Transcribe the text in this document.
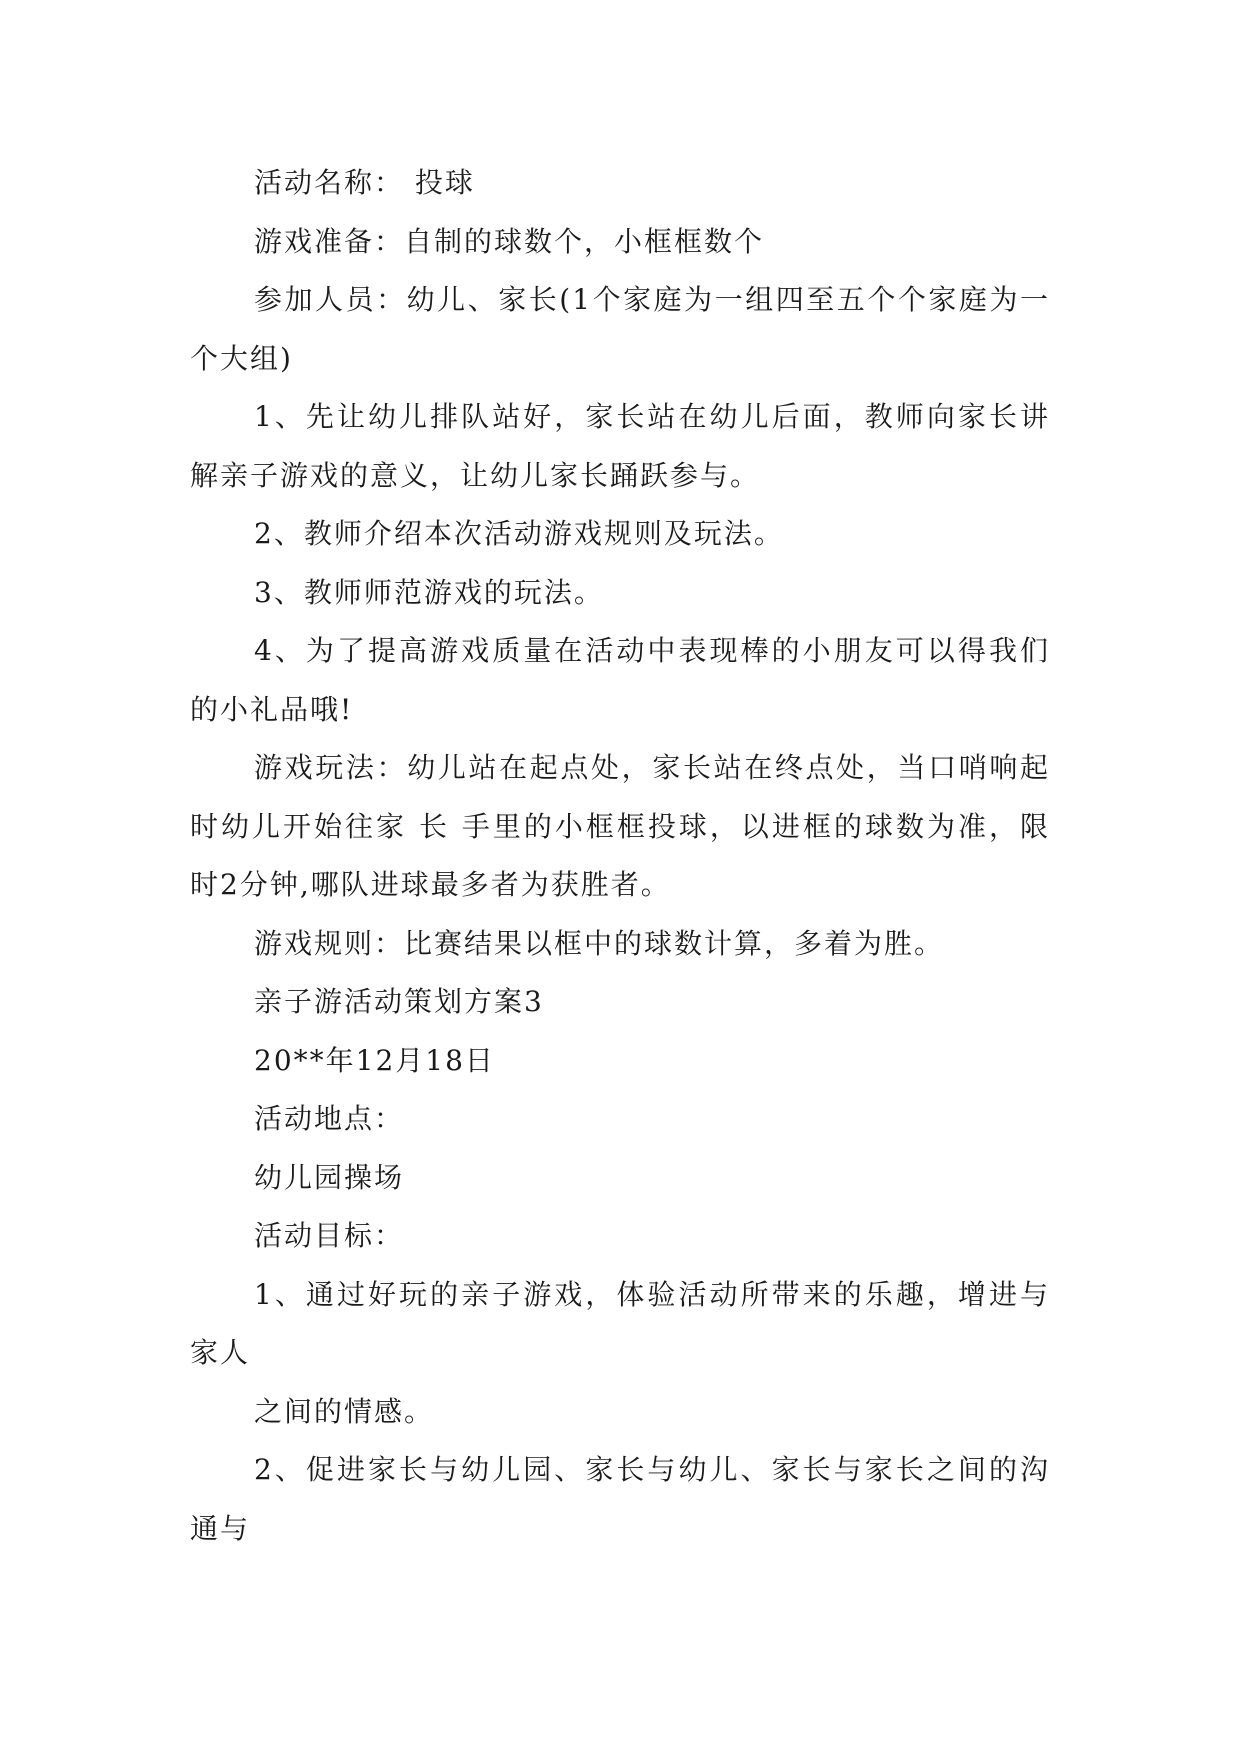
活动名称： 投球

游戏准备：自制的球数个，小框框数个

参加人员：幼儿、家长(1个家庭为一组四至五个个家庭为一个大组)

1、先让幼儿排队站好，家长站在幼儿后面，教师向家长讲解亲子游戏的意义，让幼儿家长踊跃参与。

2、教师介绍本次活动游戏规则及玩法。

3、教师师范游戏的玩法。

4、为了提高游戏质量在活动中表现棒的小朋友可以得我们的小礼品哦!

游戏玩法：幼儿站在起点处，家长站在终点处，当口哨响起时幼儿开始往家 长 手里的小框框投球，以进框的球数为准，限时2分钟,哪队进球最多者为获胜者。

游戏规则：比赛结果以框中的球数计算，多着为胜。

亲子游活动策划方案3

20**年12月18日

活动地点：

幼儿园操场

活动目标：

1、通过好玩的亲子游戏，体验活动所带来的乐趣，增进与家人

之间的情感。

2、促进家长与幼儿园、家长与幼儿、家长与家长之间的沟通与
